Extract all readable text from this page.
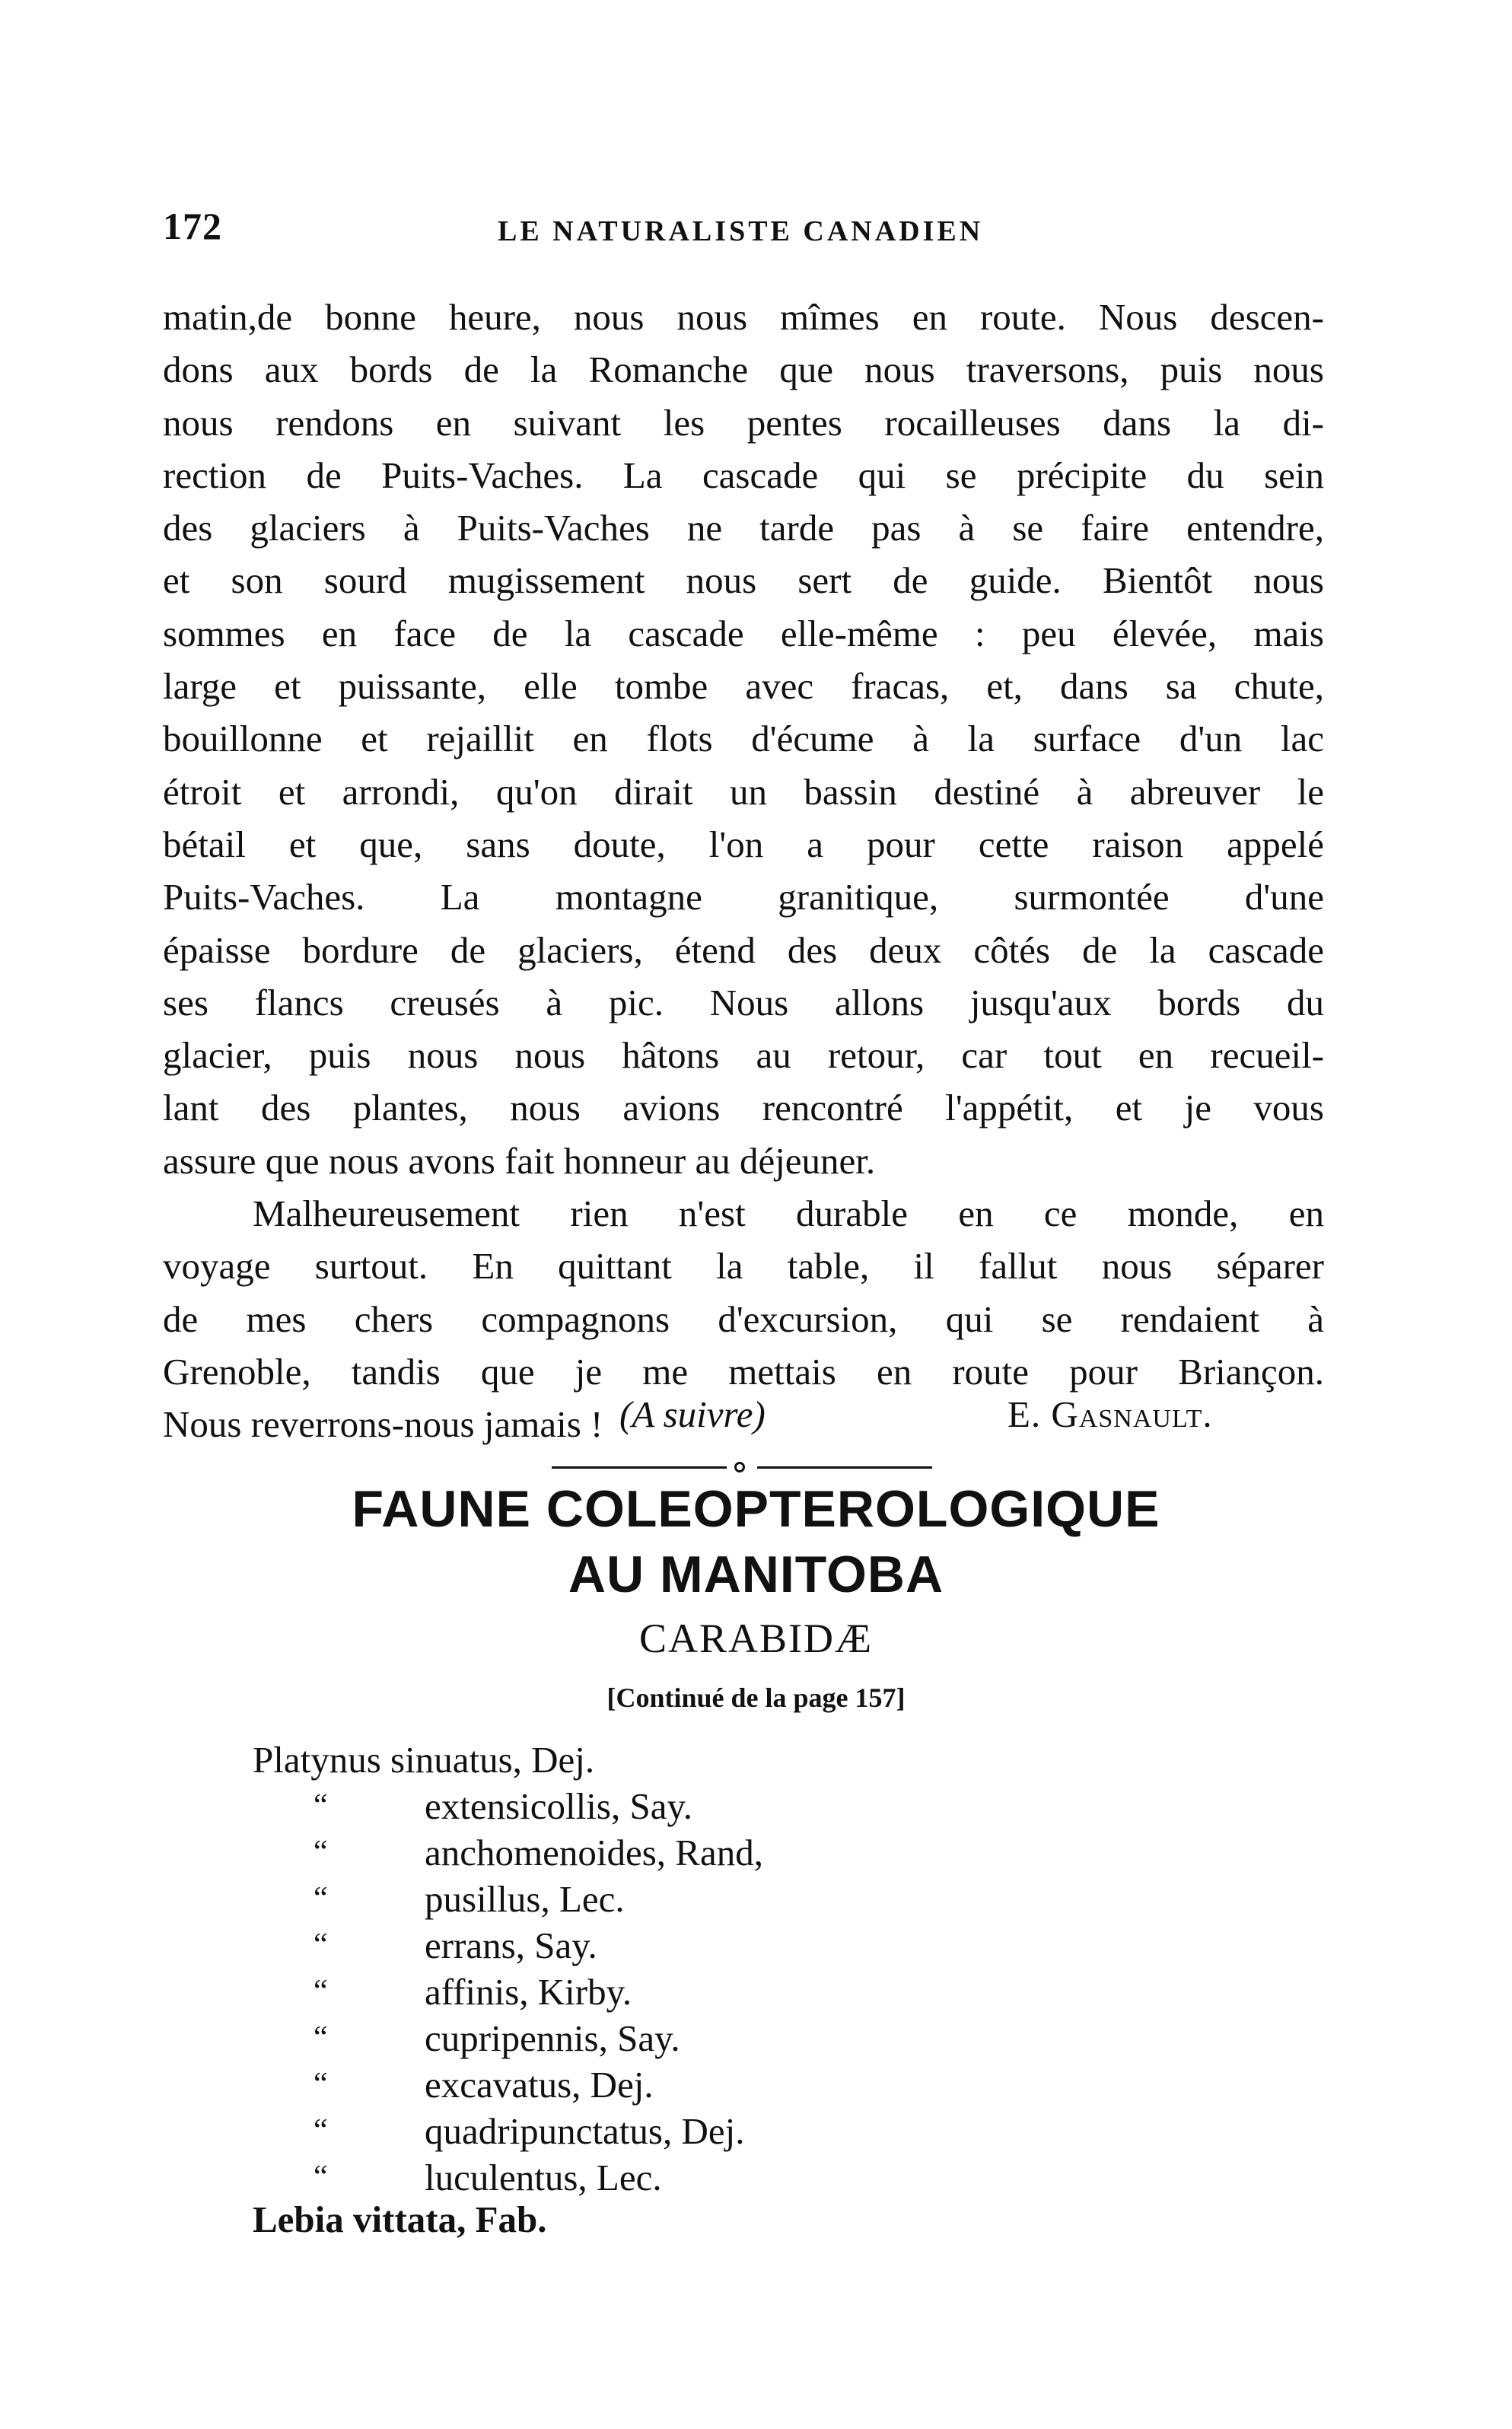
172	LE NATURALISTE CANADIEN
matin,de bonne heure, nous nous mîmes en route. Nous descen-
dons aux bords de la Romanche que nous traversons, puis nous
nous rendons en suivant les pentes rocailleuses dans la di-
rection de Puits-Vaches. La cascade qui se précipite du sein
des glaciers à Puits-Vaches ne tarde pas à se faire entendre,
et son sourd mugissement nous sert de guide. Bientôt nous
sommes en face de la cascade elle-même : peu élevée, mais
large et puissante, elle tombe avec fracas, et, dans sa chute,
bouillonne et rejaillit en flots d'écume à la surface d'un lac
étroit et arrondi, qu'on dirait un bassin destiné à abreuver le
bétail et que, sans doute, l'on a pour cette raison appelé
Puits-Vaches. La montagne granitique, surmontée d'une
épaisse bordure de glaciers, étend des deux côtés de la cascade
ses flancs creusés à pic. Nous allons jusqu'aux bords du
glacier, puis nous nous hâtons au retour, car tout en recueil-
lant des plantes, nous avions rencontré l'appétit, et je vous
assure que nous avons fait honneur au déjeuner.
Malheureusement rien n'est durable en ce monde, en
voyage surtout. En quittant la table, il fallut nous séparer
de mes chers compagnons d'excursion, qui se rendaient à
Grenoble, tandis que je me mettais en route pour Briançon.
Nous reverrons-nous jamais ! (A suivre)	E. Gasnault.
FAUNE COLEOPTEROLOGIQUE
AU MANITOBA
CARABIDÆ
[Continué de la page 157]
Platynus sinuatus, Dej.
“	extensicollis, Say.
“	anchomenoides, Rand,
“	pusillus, Lec.
“	errans, Say.
“	affinis, Kirby.
“	cupripennis, Say.
“	excavatus, Dej.
“	quadripunctatus, Dej.
“	luculentus, Lec.
Lebia vittata, Fab.
